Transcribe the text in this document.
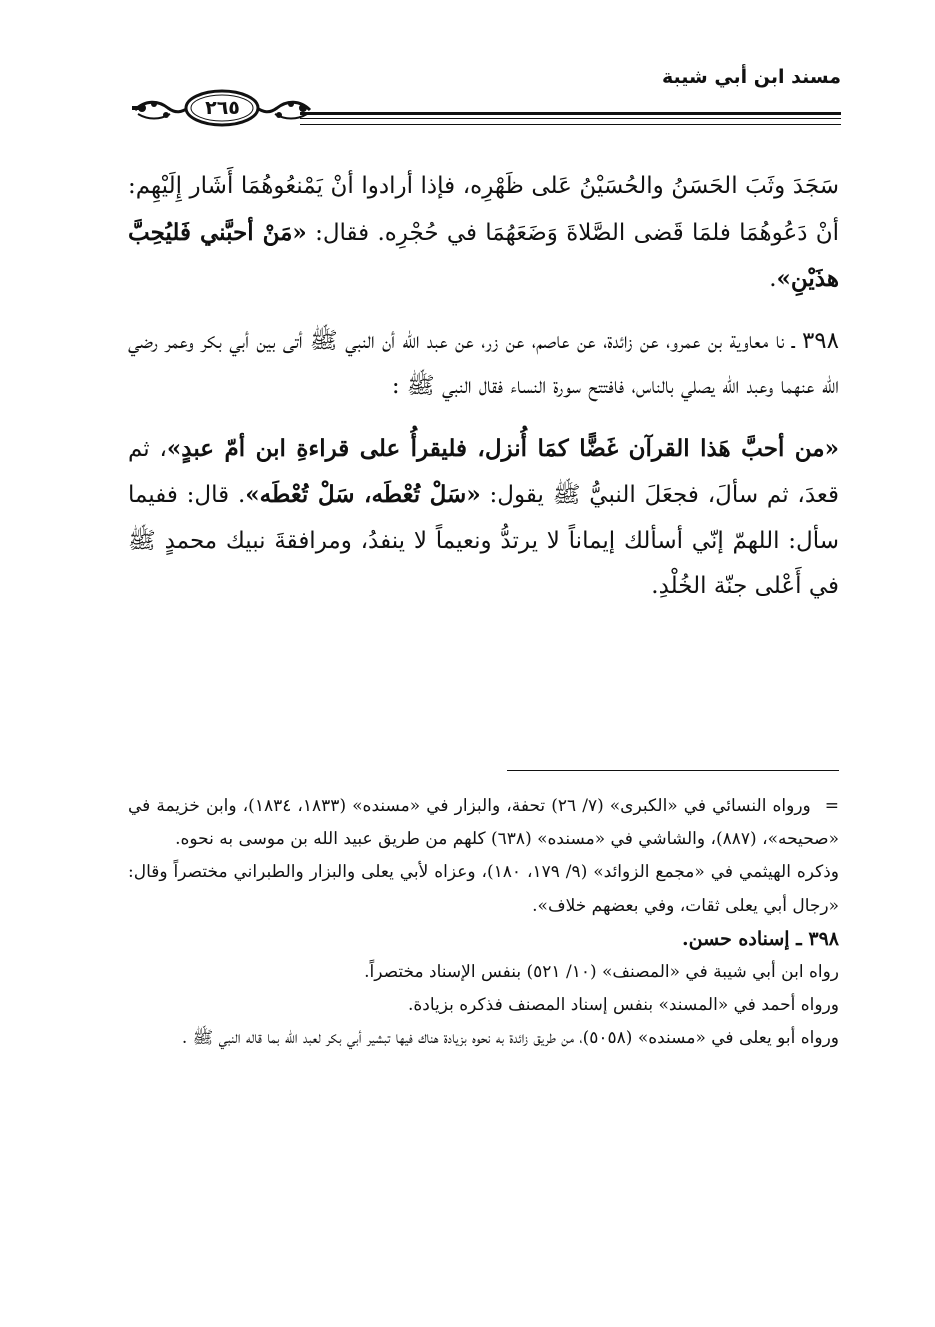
مسند ابن أبي شيبة
٢٦٥

سَجَدَ وثَبَ الحَسَنُ والحُسَيْنُ عَلى ظَهْرِه، فإذا أرادوا أنْ يَمْنعُوهُمَا أَشَار إِلَيْهِم: أنْ دَعُوهُمَا فلمَا قَضى الصَّلاةَ وَضَعَهُمَا في حُجْرِه. فقال: «مَنْ أحبَّني فَليُحِبَّ هذَيْنِ».

٣٩٨ ـ نا معاوية بن عمرو، عن زائدة، عن عاصم، عن زر، عن عبد الله أن النبي ﷺ أتى بين أبي بكر وعمر رضي الله عنهما وعبد الله يصلي بالناس، فافتتح سورة النساء فقال النبي ﷺ :

«من أحبَّ هَذا القرآن غَضًّا كمَا أُنزل، فليقرأُ على قراءةِ ابن أمّ عبدٍ»، ثم قعدَ، ثم سألَ، فجعَلَ النبيُّ ﷺ يقول: «سَلْ تُعْطَه، سَلْ تُعْطَه». قال: ففيما سأل: اللهمّ إنّي أسألك إيماناً لا يرتدُّ ونعيماً لا ينفدُ، ومرافقةَ نبيك محمدٍ ﷺ في أَعْلى جنّة الخُلْدِ.

=ورواه النسائي في «الكبرى» (٧/ ٢٦) تحفة، والبزار في «مسنده» (١٨٣٣، ١٨٣٤)، وابن خزيمة في «صحيحه»، (٨٨٧)، والشاشي في «مسنده» (٦٣٨) كلهم من طريق عبيد الله بن موسى به نحوه.

وذكره الهيثمي في «مجمع الزوائد» (٩/ ١٧٩، ١٨٠)، وعزاه لأبي يعلى والبزار والطبراني مختصراً وقال: «رجال أبي يعلى ثقات، وفي بعضهم خلاف».

٣٩٨ ـ إسناده حسن.

رواه ابن أبي شيبة في «المصنف» (١٠/ ٥٢١) بنفس الإسناد مختصراً.

ورواه أحمد في «المسند» بنفس إسناد المصنف فذكره بزيادة.

ورواه أبو يعلى في «مسنده» (٥٠٥٨)، من طريق زائدة به نحوه بزيادة هناك فيها تبشير أبي بكر لعبد الله بما قاله النبي ﷺ .
